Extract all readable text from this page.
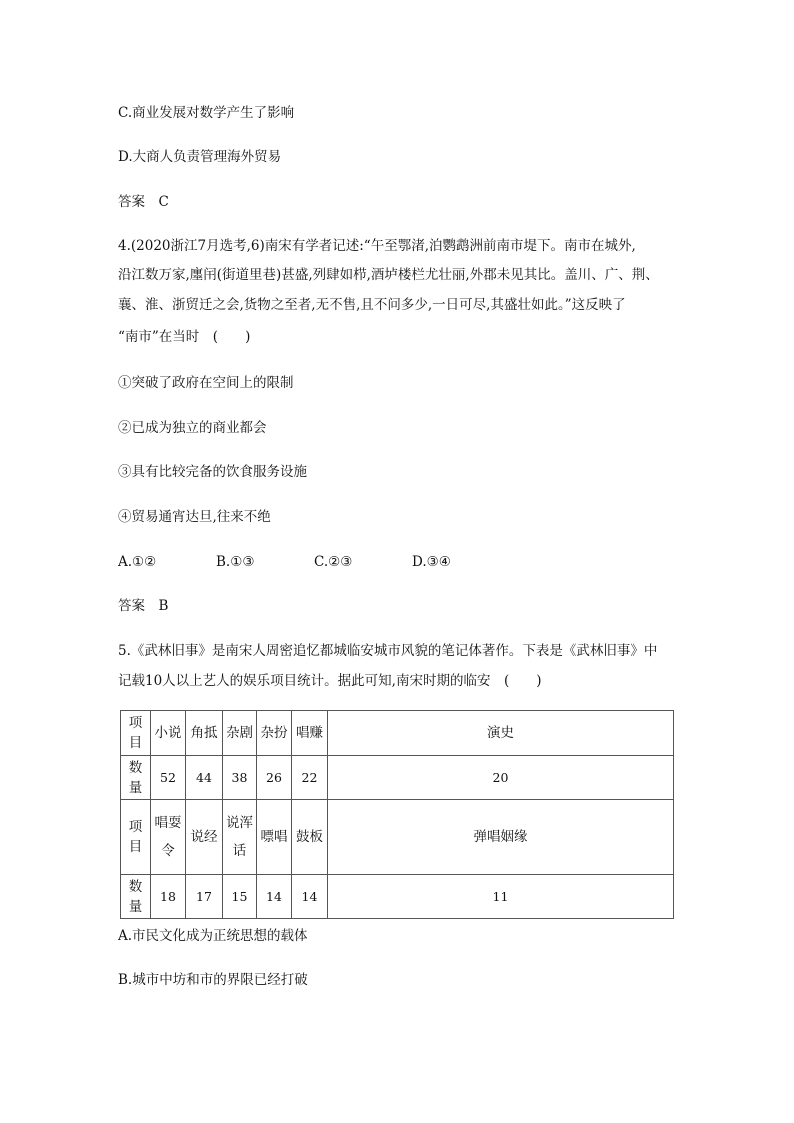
C.商业发展对数学产生了影响
D.大商人负责管理海外贸易
答案　C
4.(2020浙江7月选考,6)南宋有学者记述:“午至鄂渚,泊鹦鹉洲前南市堤下。南市在城外,
沿江数万家,廛闬(街道里巷)甚盛,列肆如栉,酒垆楼栏尤壮丽,外郡未见其比。盖川、广、荆、
襄、淮、浙贸迁之会,货物之至者,无不售,且不问多少,一日可尽,其盛壮如此。”这反映了
“南市”在当时　(　　)
①突破了政府在空间上的限制
②已成为独立的商业都会
③具有比较完备的饮食服务设施
④贸易通宵达旦,往来不绝
A.①②	B.①③	C.②③	D.③④
答案　B
5.《武林旧事》是南宋人周密追忆都城临安城市风貌的笔记体著作。下表是《武林旧事》中
记载10人以上艺人的娱乐项目统计。据此可知,南宋时期的临安　(　　)
项目	小说	角抵	杂剧	杂扮	唱赚	演史
数量	52	44	38	26	22	20
项目	唱耍令	说经	说浑话	嘌唱	鼓板	弹唱姻缘
数量	18	17	15	14	14	11
A.市民文化成为正统思想的载体
B.城市中坊和市的界限已经打破
